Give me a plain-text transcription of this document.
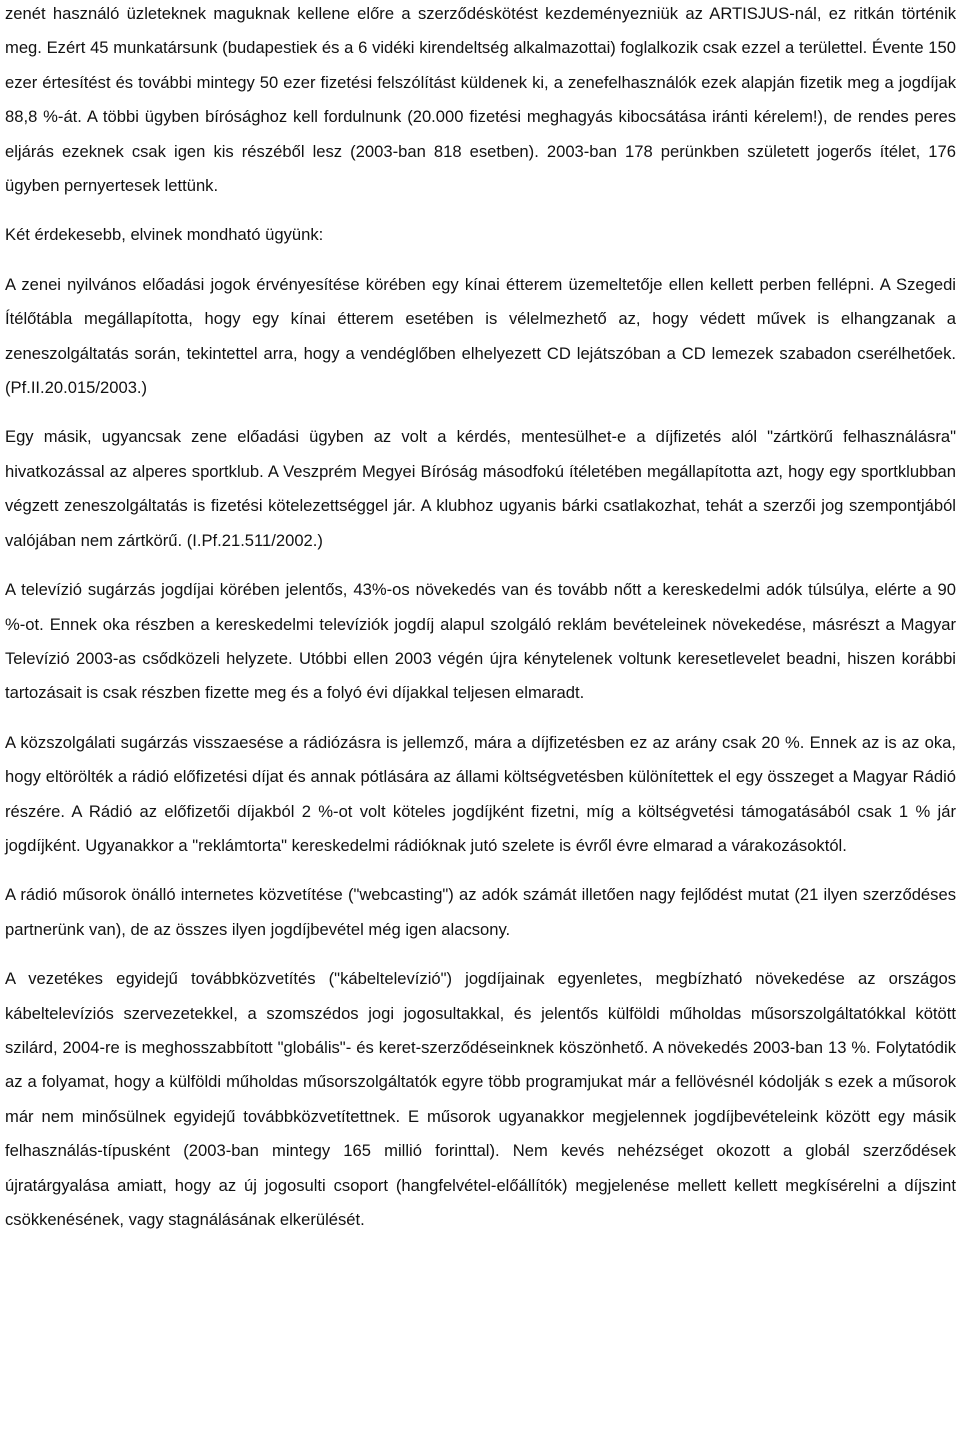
zenét használó üzleteknek maguknak kellene előre a szerződéskötést kezdeményezniük az ARTISJUS-nál, ez ritkán történik meg. Ezért 45 munkatársunk (budapestiek és a 6 vidéki kirendeltség alkalmazottai) foglalkozik csak ezzel a területtel. Évente 150 ezer értesítést és további mintegy 50 ezer fizetési felszólítást küldenek ki, a zenefelhasználók ezek alapján fizetik meg a jogdíjak 88,8 %-át. A többi ügyben bírósághoz kell fordulnunk (20.000 fizetési meghagyás kibocsátása iránti kérelem!), de rendes peres eljárás ezeknek csak igen kis részéből lesz (2003-ban 818 esetben). 2003-ban 178 perünkben született jogerős ítélet, 176 ügyben pernyertesek lettünk.

Két érdekesebb, elvinek mondható ügyünk:

A zenei nyilvános előadási jogok érvényesítése körében egy kínai étterem üzemeltetője ellen kellett perben fellépni. A Szegedi Ítélőtábla megállapította, hogy egy kínai étterem esetében is vélelmezhető az, hogy védett művek is elhangzanak a zeneszolgáltatás során, tekintettel arra, hogy a vendéglőben elhelyezett CD lejátszóban a CD lemezek szabadon cserélhetőek. (Pf.II.20.015/2003.)

Egy másik, ugyancsak zene előadási ügyben az volt a kérdés, mentesülhet-e a díjfizetés alól "zártkörű felhasználásra" hivatkozással az alperes sportklub. A Veszprém Megyei Bíróság másodfokú ítéletében megállapította azt, hogy egy sportklubban végzett zeneszolgáltatás is fizetési kötelezettséggel jár. A klubhoz ugyanis bárki csatlakozhat, tehát a szerzői jog szempontjából valójában nem zártkörű. (I.Pf.21.511/2002.)

A televízió sugárzás jogdíjai körében jelentős, 43%-os növekedés van és tovább nőtt a kereskedelmi adók túlsúlya, elérte a 90 %-ot. Ennek oka részben a kereskedelmi televíziók jogdíj alapul szolgáló reklám bevételeinek növekedése, másrészt a Magyar Televízió 2003-as csődközeli helyzete. Utóbbi ellen 2003 végén újra kénytelenek voltunk keresetlevelet beadni, hiszen korábbi tartozásait is csak részben fizette meg és a folyó évi díjakkal teljesen elmaradt.

A közszolgálati sugárzás visszaesése a rádiózásra is jellemző, mára a díjfizetésben ez az arány csak 20 %. Ennek az is az oka, hogy eltörölték a rádió előfizetési díjat és annak pótlására az állami költségvetésben különítettek el egy összeget a Magyar Rádió részére. A Rádió az előfizetői díjakból 2 %-ot volt köteles jogdíjként fizetni, míg a költségvetési támogatásából csak 1 % jár jogdíjként. Ugyanakkor a "reklámtorta" kereskedelmi rádióknak jutó szelete is évről évre elmarad a várakozásoktól.

A rádió műsorok önálló internetes közvetítése ("webcasting") az adók számát illetően nagy fejlődést mutat (21 ilyen szerződéses partnerünk van), de az összes ilyen jogdíjbevétel még igen alacsony.

A vezetékes egyidejű továbbközvetítés ("kábeltelevízió") jogdíjainak egyenletes, megbízható növekedése az országos kábeltelevíziós szervezetekkel, a szomszédos jogi jogosultakkal, és jelentős külföldi műholdas műsorszolgáltatókkal kötött szilárd, 2004-re is meghosszabbított "globális"- és keret-szerződéseinknek köszönhető. A növekedés 2003-ban 13 %. Folytatódik az a folyamat, hogy a külföldi műholdas műsorszolgáltatók egyre több programjukat már a fellövésnél kódolják s ezek a műsorok már nem minősülnek egyidejű továbbközvetítettnek. E műsorok ugyanakkor megjelennek jogdíjbevételeink között egy másik felhasználás-típusként (2003-ban mintegy 165 millió forinttal). Nem kevés nehézséget okozott a globál szerződések újratárgyalása amiatt, hogy az új jogosulti csoport (hangfelvétel-előállítók) megjelenése mellett kellett megkísérelni a díjszint csökkenésének, vagy stagnálásának elkerülését.
